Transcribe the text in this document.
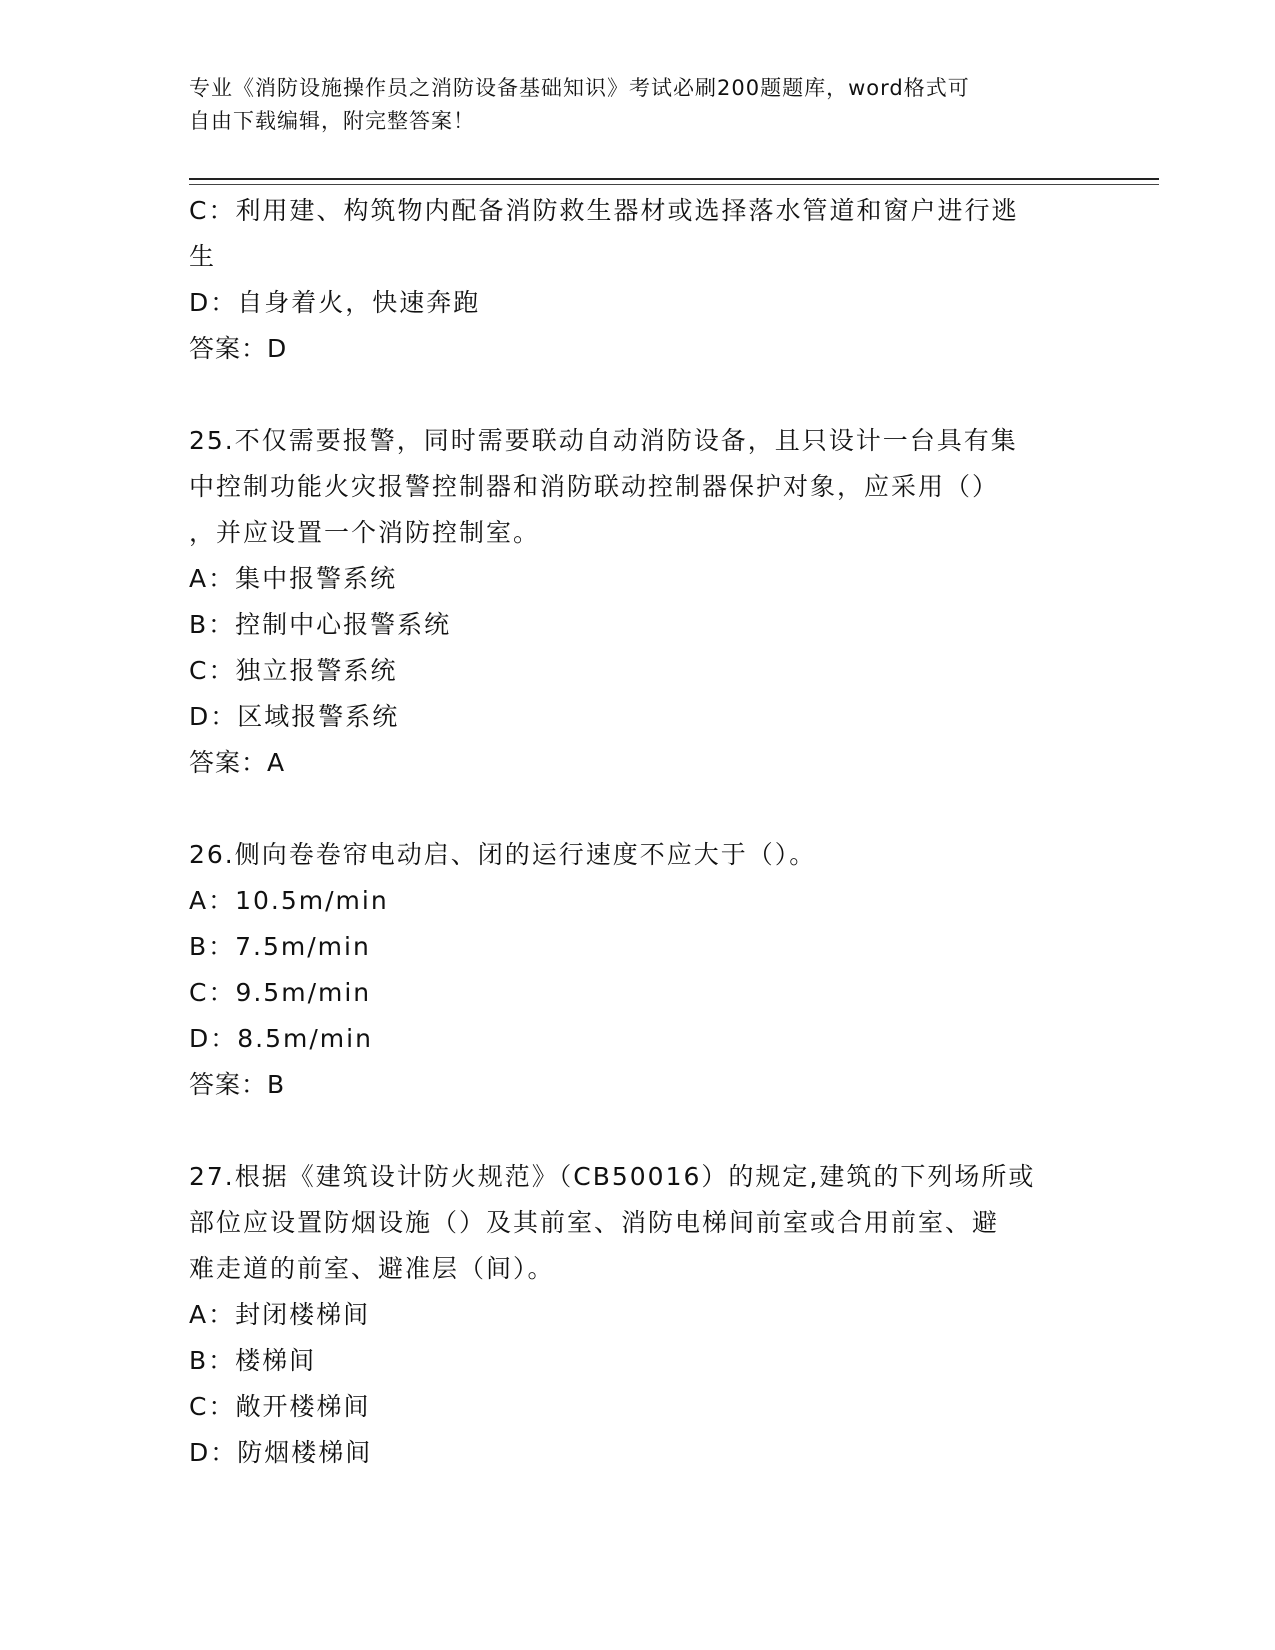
专业《消防设施操作员之消防设备基础知识》考试必刷200题题库，word格式可
自由下载编辑，附完整答案！
C：利用建、构筑物内配备消防救生器材或选择落水管道和窗户进行逃
生
D：自身着火，快速奔跑
答案：D
25.不仅需要报警，同时需要联动自动消防设备，且只设计一台具有集
中控制功能火灾报警控制器和消防联动控制器保护对象，应采用（）
，并应设置一个消防控制室。
A：集中报警系统
B：控制中心报警系统
C：独立报警系统
D：区域报警系统
答案：A
26.侧向卷卷帘电动启、闭的运行速度不应大于（）。
A：10.5m/min
B：7.5m/min
C：9.5m/min
D：8.5m/min
答案：B
27.根据《建筑设计防火规范》（CB50016）的规定,建筑的下列场所或
部位应设置防烟设施（）及其前室、消防电梯间前室或合用前室、避
难走道的前室、避准层（间）。
A：封闭楼梯间
B：楼梯间
C：敞开楼梯间
D：防烟楼梯间
